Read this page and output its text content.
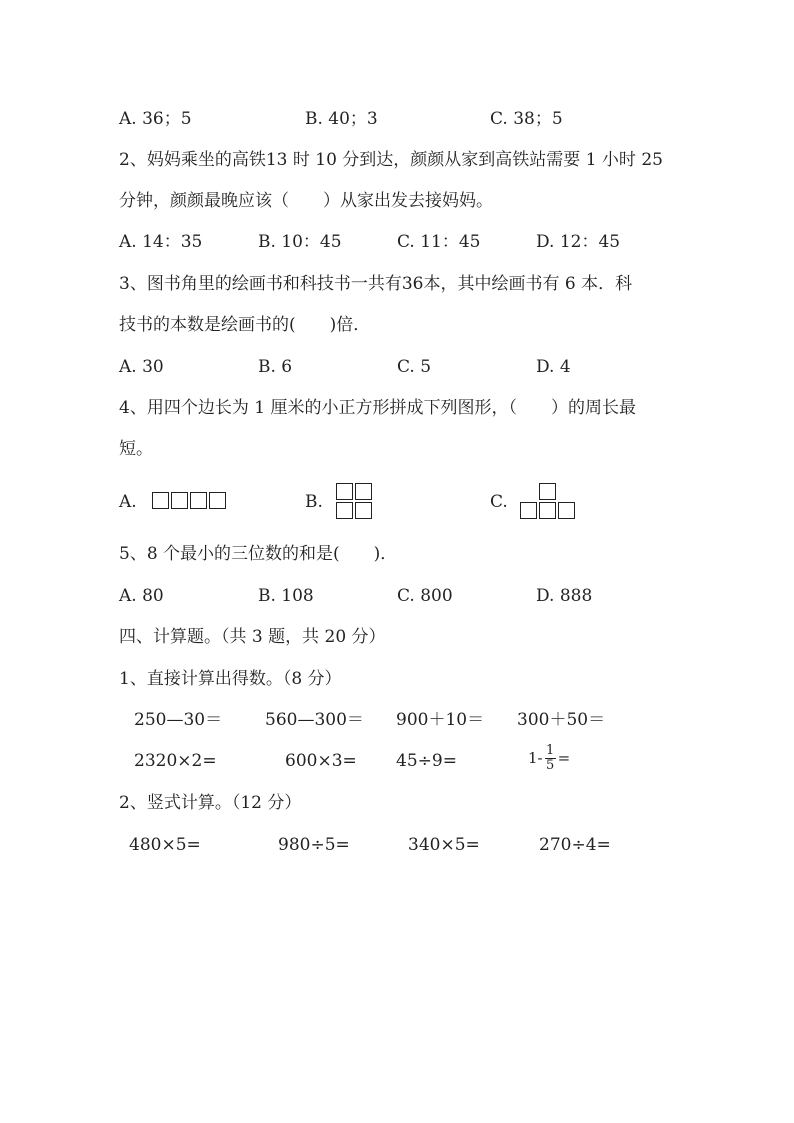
A. 36；5	B. 40；3	C. 38；5
2、妈妈乘坐的高铁13 时 10 分到达，颜颜从家到高铁站需要 1 小时 25
分钟，颜颜最晚应该（　　）从家出发去接妈妈。
A. 14：35	B. 10：45	C. 11：45	D. 12：45
3、图书角里的绘画书和科技书一共有36本，其中绘画书有 6 本．科
技书的本数是绘画书的(　　)倍．
A. 30	B. 6	C. 5	D. 4
4、用四个边长为 1 厘米的小正方形拼成下列图形，（　　）的周长最
短。
A.	B.	C.
5、8 个最小的三位数的和是(　　)．
A. 80	B. 108	C. 800	D. 888
四、计算题。（共 3 题，共 20 分）
1、直接计算出得数。（8 分）
250—30＝	560—300＝ 900＋10＝ 300＋50＝
2320×2=	600×3= 45÷9=	1- 1
5 =
2、竖式计算。（12 分）
480×5=	980÷5=	340×5=	270÷4=
